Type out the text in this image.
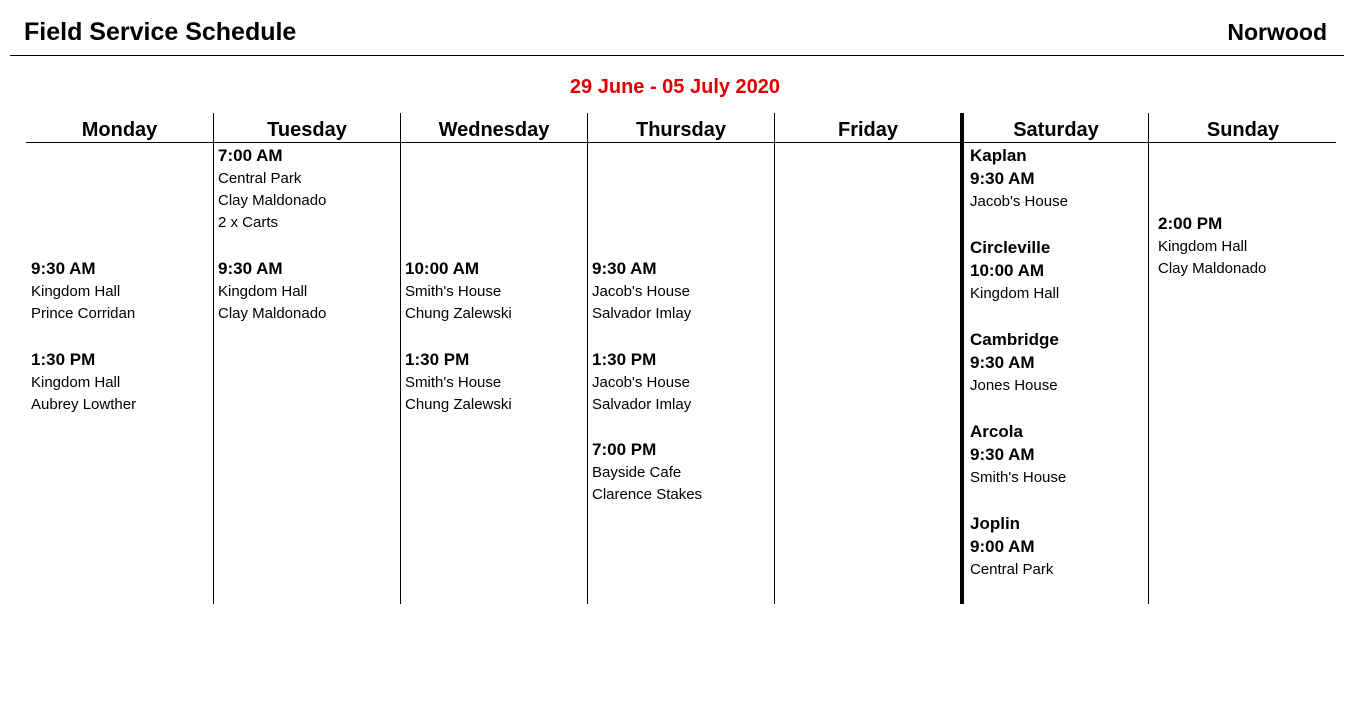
Field Service Schedule	Norwood
29 June - 05 July 2020
Monday
9:30 AM
Kingdom Hall
Prince Corridan
1:30 PM
Kingdom Hall
Aubrey Lowther
Tuesday
7:00 AM
Central Park
Clay Maldonado
2 x Carts
9:30 AM
Kingdom Hall
Clay Maldonado
Wednesday
10:00 AM
Smith's House
Chung Zalewski
1:30 PM
Smith's House
Chung Zalewski
Thursday
9:30 AM
Jacob's House
Salvador Imlay
1:30 PM
Jacob's House
Salvador Imlay
7:00 PM
Bayside Cafe
Clarence Stakes
Friday	Saturday
Kaplan
9:30 AM
Jacob's House
Circleville
10:00 AM
Kingdom Hall
Cambridge
9:30 AM
Jones House
Arcola
9:30 AM
Smith's House
Joplin
9:00 AM
Central Park
Sunday
2:00 PM
Kingdom Hall
Clay Maldonado
